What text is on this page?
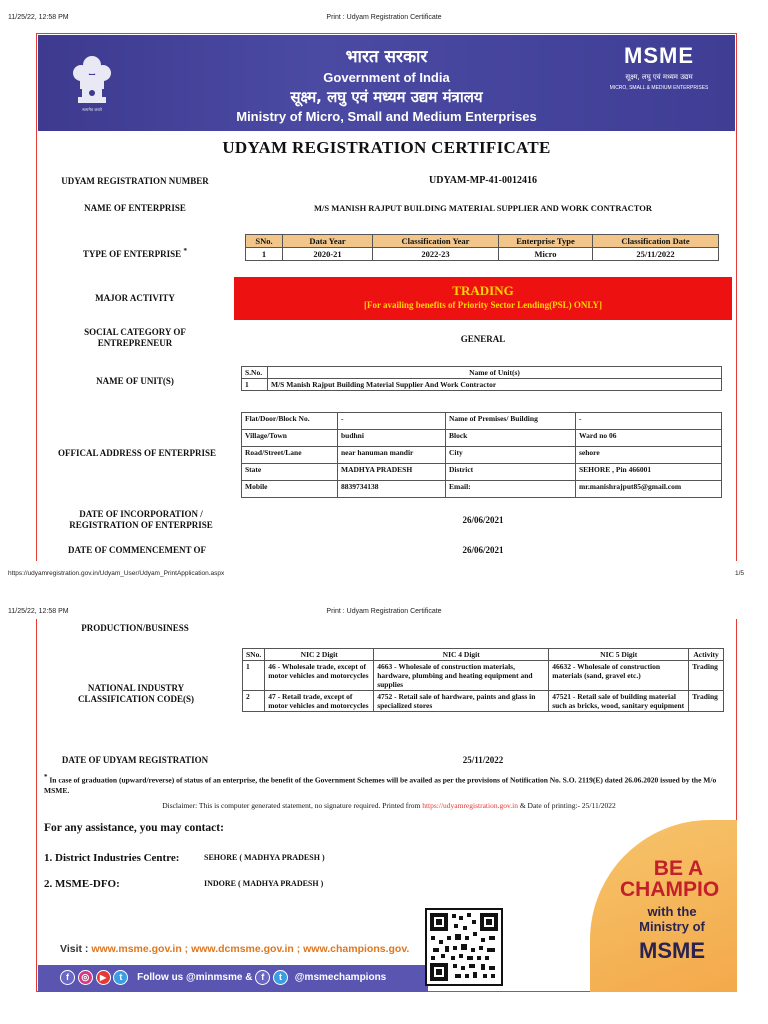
11/25/22, 12:58 PM	Print : Udyam Registration Certificate
सत्यमेव जयते
भारत सरकार
Government of India
सूक्ष्म, लघु एवं मध्यम उद्यम मंत्रालय
Ministry of Micro, Small and Medium Enterprises
MSME
सूक्ष्म, लघु एवं मध्यम उद्यम
MICRO, SMALL & MEDIUM ENTERPRISES
UDYAM REGISTRATION CERTIFICATE
UDYAM REGISTRATION NUMBER	UDYAM-MP-41-0012416
NAME OF ENTERPRISE	M/S MANISH RAJPUT BUILDING MATERIAL SUPPLIER AND WORK CONTRACTOR
TYPE OF ENTERPRISE *
SNo.	Data Year	Classification Year	Enterprise Type	Classification Date
1	2020-21	2022-23	Micro	25/11/2022
MAJOR ACTIVITY	TRADING
[For availing benefits of Priority Sector Lending(PSL) ONLY]
SOCIAL CATEGORY OF ENTREPRENEUR	GENERAL
NAME OF UNIT(S)
S.No.	Name of Unit(s)
1	M/S Manish Rajput Building Material Supplier And Work Contractor
OFFICAL ADDRESS OF ENTERPRISE
Flat/Door/Block No.	-	Name of Premises/ Building	-
Village/Town	budhni	Block	Ward no 06
Road/Street/Lane	near hanuman mandir	City	sehore
State	MADHYA PRADESH	District	SEHORE , Pin 466001
Mobile	8839734138	Email:	mr.manishrajput85@gmail.com
DATE OF INCORPORATION / REGISTRATION OF ENTERPRISE	26/06/2021
DATE OF COMMENCEMENT OF	26/06/2021
https://udyamregistration.gov.in/Udyam_User/Udyam_PrintApplication.aspx	1/5
11/25/22, 12:58 PM	Print : Udyam Registration Certificate
PRODUCTION/BUSINESS
NATIONAL INDUSTRY CLASSIFICATION CODE(S)
SNo.	NIC 2 Digit	NIC 4 Digit	NIC 5 Digit	Activity
1	46 - Wholesale trade, except of motor vehicles and motorcycles	4663 - Wholesale of construction materials, hardware, plumbing and heating equipment and supplies	46632 - Wholesale of construction materials (sand, gravel etc.)	Trading
2	47 - Retail trade, except of motor vehicles and motorcycles	4752 - Retail sale of hardware, paints and glass in specialized stores	47521 - Retail sale of building material such as bricks, wood, sanitary equipment	Trading
DATE OF UDYAM REGISTRATION	25/11/2022
* In case of graduation (upward/reverse) of status of an enterprise, the benefit of the Government Schemes will be availed as per the provisions of Notification No. S.O. 2119(E) dated 26.06.2020 issued by the M/o MSME.
Disclaimer: This is computer generated statement, no signature required. Printed from https://udyamregistration.gov.in & Date of printing:- 25/11/2022
BE A
CHAMPIO
with the
Ministry of
MSME
For any assistance, you may contact:
1. District Industries Centre:	SEHORE ( MADHYA PRADESH )
2. MSME-DFO:	INDORE ( MADHYA PRADESH )
Visit : www.msme.gov.in ; www.dcmsme.gov.in ; www.champions.gov.
f ◎ ▶ t Follow us @minmsme & f t @msmechampions
